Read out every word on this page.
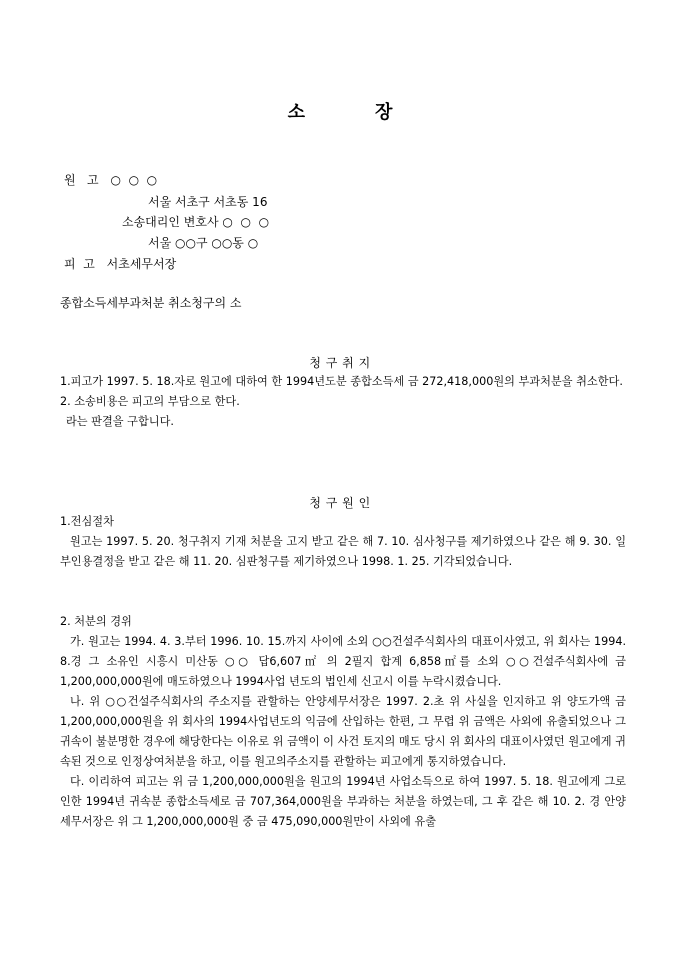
소	장
원   고 ○  ○  ○
서울 서초구 서초동 16
소송대리인 변호사 ○  ○  ○
서울 ○○구 ○○동 ○
피  고 서초세무서장
종합소득세부과처분 취소청구의 소
청 구 취 지

1.피고가 1997. 5. 18.자로 원고에 대하여 한 1994년도분 종합소득세 금 272,418,000원의 부과처분을 취소한다.

2. 소송비용은 피고의 부담으로 한다.

라는 판결을 구합니다.

청 구 원 인

1.전심절차

원고는 1997. 5. 20. 청구취지 기재 처분을 고지 받고 같은 해 7. 10. 심사청구를 제기하였으나 같은 해 9. 30. 일부인용결정을 받고 같은 해 11. 20. 심판청구를 제기하였으나 1998. 1. 25. 기각되었습니다.

2. 처분의 경위

가. 원고는 1994. 4. 3.부터 1996. 10. 15.까지 사이에 소외 ○○건설주식회사의 대표이사였고, 위 회사는 1994. 8.경 그 소유인 시흥시 미산동 ○○ 답6,607㎡ 의 2필지 합계 6,858㎡를 소외 ○○건설주식회사에 금 1,200,000,000원에 매도하였으나 1994사업 년도의 법인세 신고시 이를 누락시켰습니다.

나. 위 ○○건설주식회사의 주소지를 관할하는 안양세무서장은 1997. 2.초 위 사실을 인지하고 위 양도가액 금 1,200,000,000원을 위 회사의 1994사업년도의 익금에 산입하는 한편, 그 무렵 위 금액은 사외에 유출되었으나 그 귀속이 불분명한 경우에 해당한다는 이유로 위 금액이 이 사건 토지의 매도 당시 위 회사의 대표이사였던 원고에게 귀속된 것으로 인정상여처분을 하고, 이를 원고의주소지를 관할하는 피고에게 통지하였습니다.

다. 이리하여 피고는 위 금 1,200,000,000원을 원고의 1994년 사업소득으로 하여 1997. 5. 18. 원고에게 그로 인한 1994년 귀속분 종합소득세로 금 707,364,000원을 부과하는 처분을 하였는데, 그 후 같은 해 10. 2. 경 안양세무서장은 위 그 1,200,000,000원 중 금 475,090,000원만이 사외에 유출
